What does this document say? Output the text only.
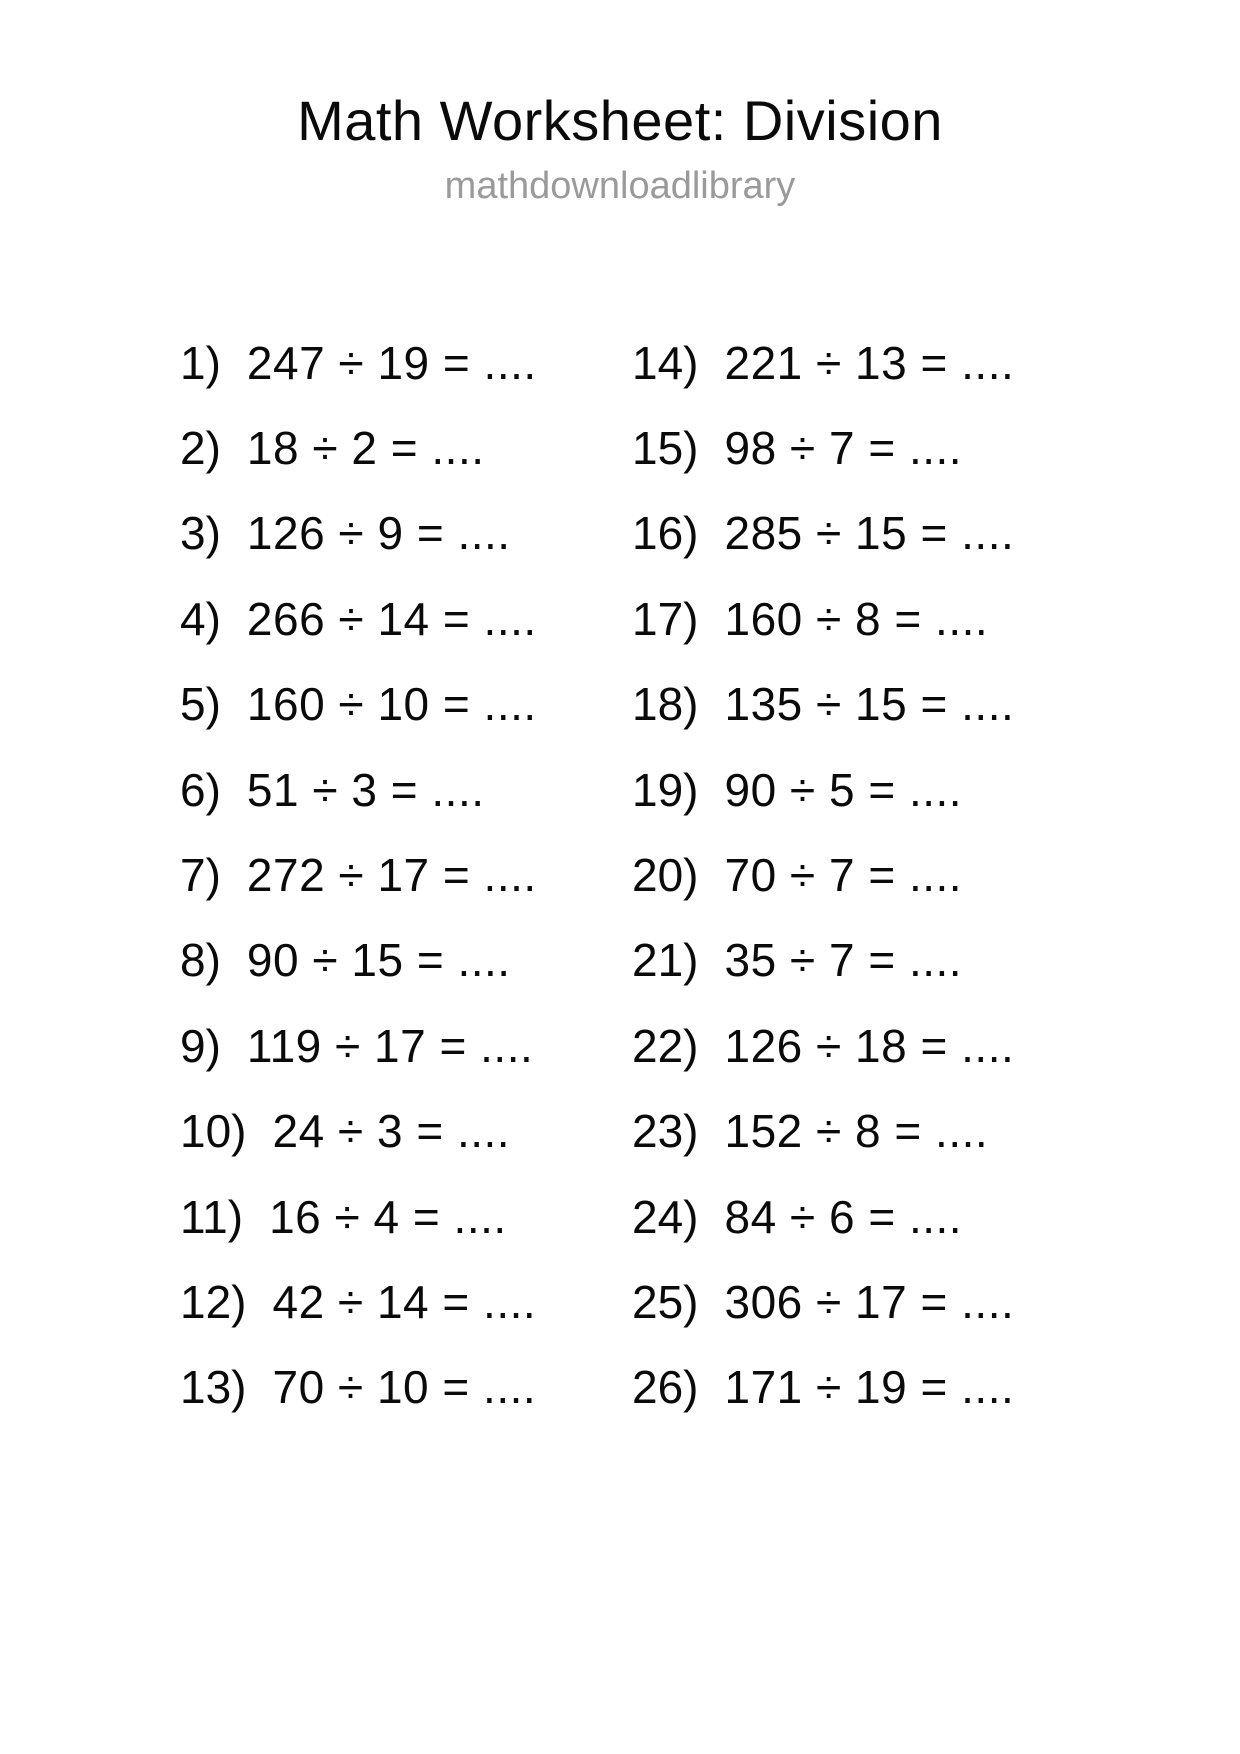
Math Worksheet: Division
mathdownloadlibrary
1) 247 ÷ 19 = ....
2) 18 ÷ 2 = ....
3) 126 ÷ 9 = ....
4) 266 ÷ 14 = ....
5) 160 ÷ 10 = ....
6) 51 ÷ 3 = ....
7) 272 ÷ 17 = ....
8) 90 ÷ 15 = ....
9) 119 ÷ 17 = ....
10) 24 ÷ 3 = ....
11) 16 ÷ 4 = ....
12) 42 ÷ 14 = ....
13) 70 ÷ 10 = ....
14) 221 ÷ 13 = ....
15) 98 ÷ 7 = ....
16) 285 ÷ 15 = ....
17) 160 ÷ 8 = ....
18) 135 ÷ 15 = ....
19) 90 ÷ 5 = ....
20) 70 ÷ 7 = ....
21) 35 ÷ 7 = ....
22) 126 ÷ 18 = ....
23) 152 ÷ 8 = ....
24) 84 ÷ 6 = ....
25) 306 ÷ 17 = ....
26) 171 ÷ 19 = ....
